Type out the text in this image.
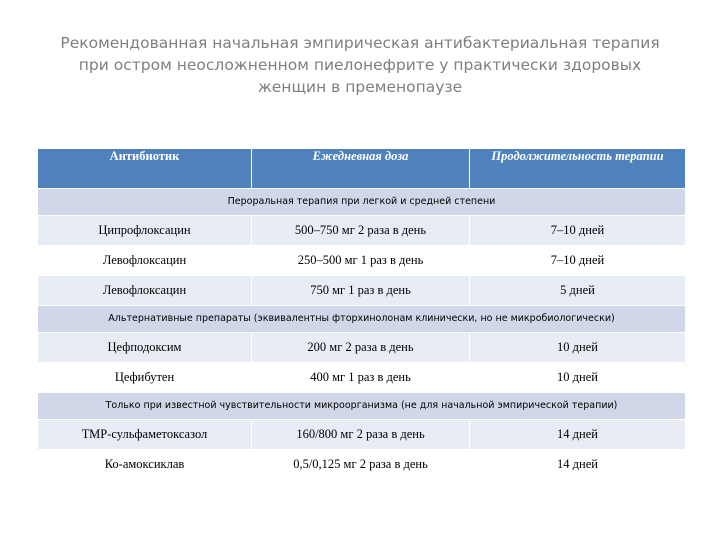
Рекомендованная начальная эмпирическая антибактериальная терапия при остром неосложненном пиелонефрите у практически здоровых женщин в пременопаузе
Антибиотик	Ежедневная доза	Продолжительность терапии
Пероральная терапия при легкой и средней степени		
Ципрофлоксацин	500–750 мг 2 раза в день	7–10 дней
Левофлоксацин	250–500 мг 1 раз в день	7–10 дней
Левофлоксацин	750 мг 1 раз в день	5 дней
Альтернативные препараты (эквивалентны фторхинолонам клинически, но не микробиологически)		
Цефподоксим	200 мг 2 раза в день	10 дней
Цефибутен	400 мг 1 раз в день	10 дней
Только при известной чувствительности микроорганизма (не для начальной эмпирической терапии)		
ТМР-сульфаметоксазол	160/800 мг 2 раза в день	14 дней
Ко-амоксиклав	0,5/0,125 мг 2 раза в день	14 дней
